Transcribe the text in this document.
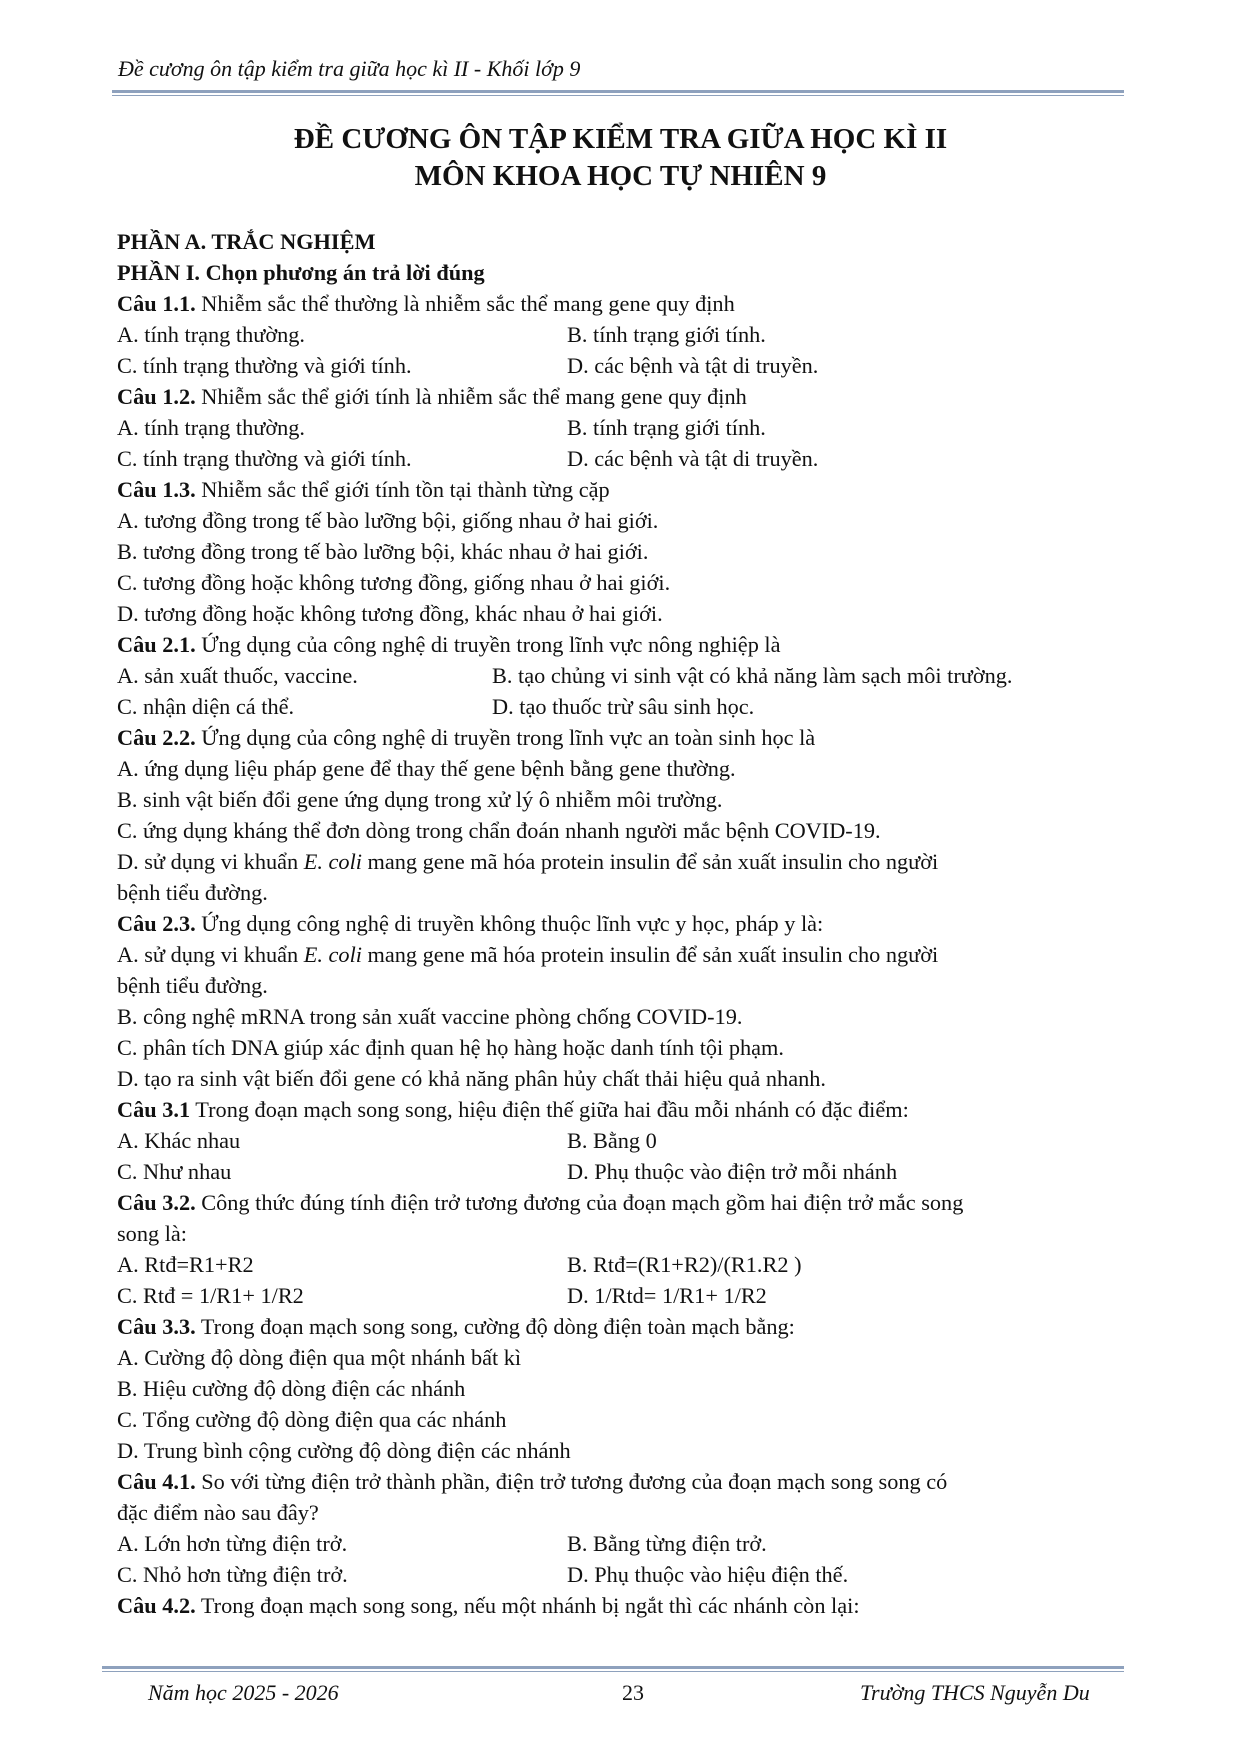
Đề cương ôn tập kiểm tra giữa học kì II - Khối lớp 9
ĐỀ CƯƠNG ÔN TẬP KIỂM TRA GIỮA HỌC KÌ II
MÔN KHOA HỌC TỰ NHIÊN 9
PHẦN A. TRẮC NGHIỆM
PHẦN I. Chọn phương án trả lời đúng
Câu 1.1. Nhiễm sắc thể thường là nhiễm sắc thể mang gene quy định
A. tính trạng thường.	B. tính trạng giới tính.
C. tính trạng thường và giới tính.	D. các bệnh và tật di truyền.
Câu 1.2. Nhiễm sắc thể giới tính là nhiễm sắc thể mang gene quy định
A. tính trạng thường.	B. tính trạng giới tính.
C. tính trạng thường và giới tính.	D. các bệnh và tật di truyền.
Câu 1.3. Nhiễm sắc thể giới tính tồn tại thành từng cặp
A. tương đồng trong tế bào lưỡng bội, giống nhau ở hai giới.
B. tương đồng trong tế bào lưỡng bội, khác nhau ở hai giới.
C. tương đồng hoặc không tương đồng, giống nhau ở hai giới.
D. tương đồng hoặc không tương đồng, khác nhau ở hai giới.
Câu 2.1. Ứng dụng của công nghệ di truyền trong lĩnh vực nông nghiệp là
A. sản xuất thuốc, vaccine.	B. tạo chủng vi sinh vật có khả năng làm sạch môi trường.
C. nhận diện cá thể.	D. tạo thuốc trừ sâu sinh học.
Câu 2.2. Ứng dụng của công nghệ di truyền trong lĩnh vực an toàn sinh học là
A. ứng dụng liệu pháp gene để thay thế gene bệnh bằng gene thường.
B. sinh vật biến đổi gene ứng dụng trong xử lý ô nhiễm môi trường.
C. ứng dụng kháng thể đơn dòng trong chẩn đoán nhanh người mắc bệnh COVID-19.
D. sử dụng vi khuẩn E. coli mang gene mã hóa protein insulin để sản xuất insulin cho người
bệnh tiểu đường.
Câu 2.3. Ứng dụng công nghệ di truyền không thuộc lĩnh vực y học, pháp y là:
A. sử dụng vi khuẩn E. coli mang gene mã hóa protein insulin để sản xuất insulin cho người
bệnh tiểu đường.
B. công nghệ mRNA trong sản xuất vaccine phòng chống COVID-19.
C. phân tích DNA giúp xác định quan hệ họ hàng hoặc danh tính tội phạm.
D. tạo ra sinh vật biến đổi gene có khả năng phân hủy chất thải hiệu quả nhanh.
Câu 3.1 Trong đoạn mạch song song, hiệu điện thế giữa hai đầu mỗi nhánh có đặc điểm:
A. Khác nhau	B. Bằng 0
C. Như nhau	D. Phụ thuộc vào điện trở mỗi nhánh
Câu 3.2. Công thức đúng tính điện trở tương đương của đoạn mạch gồm hai điện trở mắc song
song là:
A. Rtđ=R1+R2	B. Rtđ=(R1+R2)/(R1.R2 )
C. Rtđ = 1/R1+ 1/R2	D. 1/Rtd= 1/R1+ 1/R2
Câu 3.3. Trong đoạn mạch song song, cường độ dòng điện toàn mạch bằng:
A. Cường độ dòng điện qua một nhánh bất kì
B. Hiệu cường độ dòng điện các nhánh
C. Tổng cường độ dòng điện qua các nhánh
D. Trung bình cộng cường độ dòng điện các nhánh
Câu 4.1. So với từng điện trở thành phần, điện trở tương đương của đoạn mạch song song có
đặc điểm nào sau đây?
A. Lớn hơn từng điện trở.	B. Bằng từng điện trở.
C. Nhỏ hơn từng điện trở.	D. Phụ thuộc vào hiệu điện thế.
Câu 4.2. Trong đoạn mạch song song, nếu một nhánh bị ngắt thì các nhánh còn lại:
Năm học 2025 - 2026	23	Trường THCS Nguyễn Du
